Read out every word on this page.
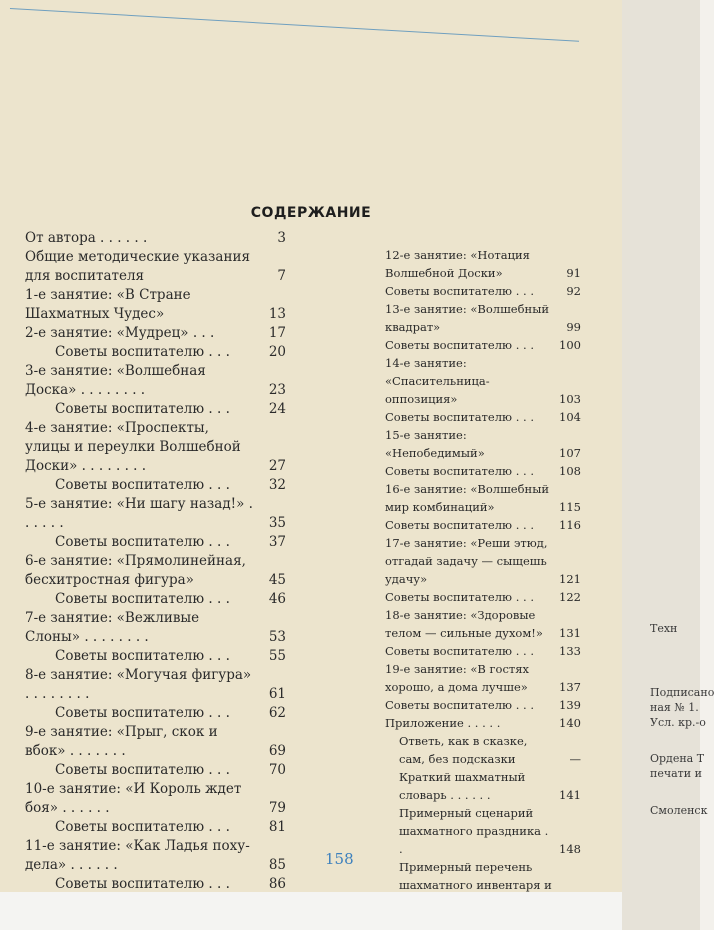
СОДЕРЖАНИЕ
От автора . . . . . .	3
Общие методические указания для воспитателя	7
1-е занятие: «В Стране Шахматных Чудес»	13
2-е занятие: «Мудрец» . . .	17
Советы воспитателю . . .	20
3-е занятие: «Волшебная Доска» . . . . . . . .	23
Советы воспитателю . . .	24
4-е занятие: «Проспекты, улицы и переулки Волшебной Доски» . . . . . . . .	27
Советы воспитателю . . .	32
5-е занятие: «Ни шагу назад!» . . . . . .	35
Советы воспитателю . . .	37
6-е занятие: «Прямолинейная, бесхитростная фигура»	45
Советы воспитателю . . .	46
7-е занятие: «Вежливые Слоны» . . . . . . . .	53
Советы воспитателю . . .	55
8-е занятие: «Могучая фигура» . . . . . . . .	61
Советы воспитателю . . .	62
9-е занятие: «Прыг, скок и вбок» . . . . . . .	69
Советы воспитателю . . .	70
10-е занятие: «И Король ждет боя» . . . . . .	79
Советы воспитателю . . .	81
11-е занятие: «Как Ладья поху-дела» . . . . . .	85
Советы воспитателю . . .	86
12-е занятие: «Нотация Волшебной Доски»	91
Советы воспитателю . . .	92
13-е занятие: «Волшебный квадрат»	99
Советы воспитателю . . .	100
14-е занятие: «Спасительница-оппозиция»	103
Советы воспитателю . . .	104
15-е занятие: «Непобедимый»	107
Советы воспитателю . . .	108
16-е занятие: «Волшебный мир комбинаций»	115
Советы воспитателю . . .	116
17-е занятие: «Реши этюд, отгадай задачу — сыщешь удачу»	121
Советы воспитателю . . .	122
18-е занятие: «Здоровые телом — сильные духом!»	131
Советы воспитателю . . .	133
19-е занятие: «В гостях хорошо, а дома лучше»	137
Советы воспитателю . . .	139
Приложение . . . . .	140
Ответь, как в сказке, сам, без подсказки	—
Краткий шахматный словарь . . . . . .	141
Примерный сценарий шахматного праздника . .	148
Примерный перечень шахматного инвентаря и
158
Техн
Подписано
ная № 1.
Усл. кр.-о
Ордена Т
печати и
Смоленск
